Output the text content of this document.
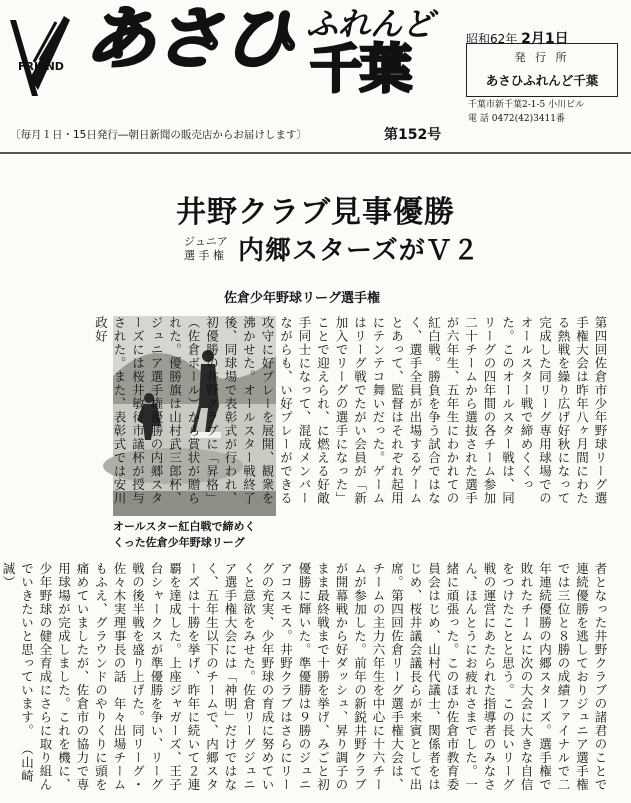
FRIEND あさひ ふれんど
千葉
〔毎月１日・15日発行―朝日新聞の販売店からお届けします〕	第152号
昭和62年 2月1日
発 行 所
あさひふれんど千葉
千葉市新千葉2-1-5 小川ビル
電 話 0472(42)3411番
井野クラブ見事優勝
ジュニア
選 手 権 内郷スターズがＶ２
佐倉少年野球リーグ選手権
オールスター紅白戦で締めく
くった佐倉少年野球リーグ
第四回佐倉市少年野球リーグ選手権大会は昨年八ヶ月間にわたる熱戦を繰り広げ好秋になって完成した同リーグ専用球場でのオールスター戦で締めくくった。このオールスター戦は、同リーグの四年間の各チーム参加二十チームから選抜された選手が六年生、五年生にわかれての紅白戦。勝負を争う試合ではなく、選手全員が出場するゲームとあって、監督はそれぞれ起用にテンテコ舞いだった。ゲームはリーグ戦でたがい会員が「新加入でリーグの選手になった」ことで迎えられ、に燃える好敵手同士になって、混成メンバーながらも、い好プレーができる攻守に好プレーを展開、観衆を沸かせた。オールスター戦終了後、同球場で表彰式が行われ、初優勝の井野クラブに「昇格」（佐倉ボール）から賞状が贈られた。優勝旗は山村武三郎杯、ジュニア選手権優勝の内郷スターズには桜井敏行市議杯が授与された。また、表彰式では安川政好
者となった井野クラブの諸君のことで連続優勝を逃しておりジュニア選手権では三位と８勝の成績ファイナルで二年連続優勝の内郷スターズ。選手権で敗れたチームに次の大会に大きな自信をつけたことと思う。この長いリーグ戦の運営にあたられた指導者のみなさん、ほんとうにお疲れさまでした。一緒に頑張った。このほか佐倉市教育委員会はじめ、山村代議士、関係者をはじめ、桜井議会議長らが来賓として出席。第四回佐倉リーグ選手権大会は、チームの主力六年生を中心に十六チームが参加した。前年の新鋭井野クラブが開幕戦から好ダッシュ、昇り調子のまま最終戦まで十勝を挙げ、みごと初優勝に輝いた。準優勝は９勝のジュニアコスモス。井野クラブはさらにリーグの充実、少年野球の育成に努めていくと意欲をみせた。佐倉リーグジュニア選手権大会には「神明」だけではなく、五年生以下のチームで、内郷スターズは十勝を挙げ、昨年に続いて２連覇を達成した。上座ジャガーズ、王子台シャークスが準優勝を争い、リーグ戦の後半戦を盛り上げた。同リーグ・佐々木実理事長の話　年々出場チームもふえ、グラウンドのやりくりに頭を痛めていましたが、佐倉市の協力で専用球場が完成しました。これを機に、少年野球の健全育成にさらに取り組んでいきたいと思っています。 （山崎　誠）
